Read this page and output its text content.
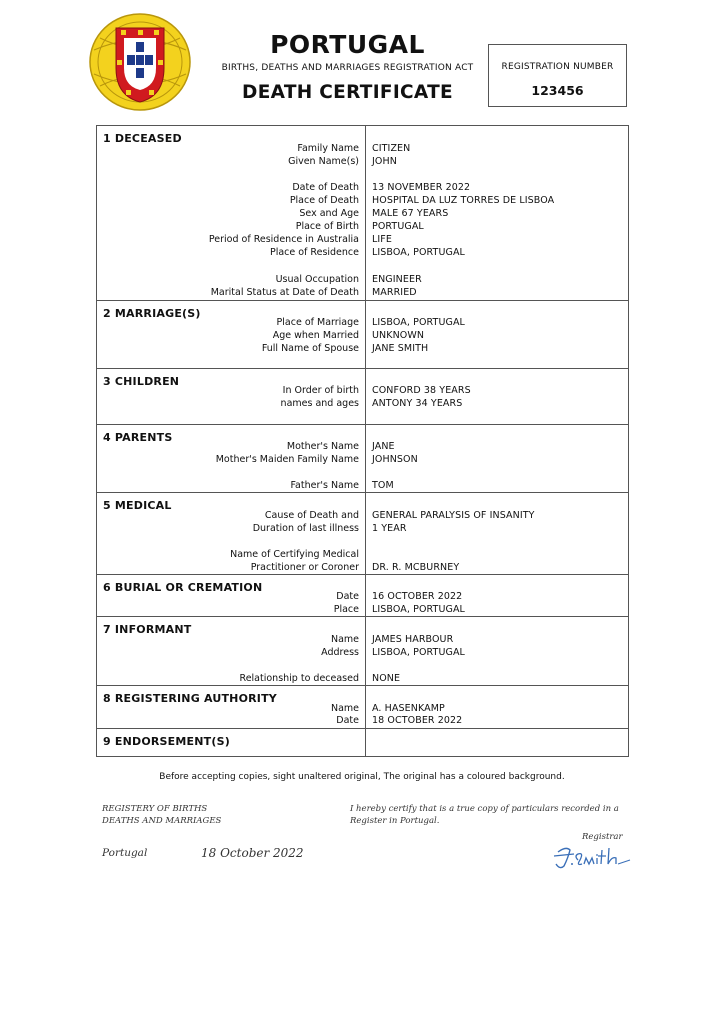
PORTUGAL
BIRTHS, DEATHS AND MARRIAGES REGISTRATION ACT
DEATH CERTIFICATE
REGISTRATION NUMBER
123456
1 DECEASED
Family Name CITIZEN
Given Name(s) JOHN
Date of Death 13 NOVEMBER 2022
Place of Death HOSPITAL DA LUZ TORRES DE LISBOA
Sex and Age MALE 67 YEARS
Place of Birth PORTUGAL
Period of Residence in Australia LIFE
Place of Residence LISBOA, PORTUGAL
Usual Occupation ENGINEER
Marital Status at Date of Death MARRIED
2 MARRIAGE(S)
Place of Marriage LISBOA, PORTUGAL
Age when Married UNKNOWN
Full Name of Spouse JANE SMITH
3 CHILDREN
In Order of birth CONFORD 38 YEARS
names and ages ANTONY 34 YEARS
4 PARENTS
Mother's Name JANE
Mother's Maiden Family Name JOHNSON
Father's Name TOM
5 MEDICAL
Cause of Death and GENERAL PARALYSIS OF INSANITY
Duration of last illness 1 YEAR
Name of Certifying Medical
Practitioner or Coroner DR. R. MCBURNEY
6 BURIAL OR CREMATION
Date 16 OCTOBER 2022
Place LISBOA, PORTUGAL
7 INFORMANT
Name JAMES HARBOUR
Address LISBOA, PORTUGAL
Relationship to deceased NONE
8 REGISTERING AUTHORITY
Name A. HASENKAMP
Date 18 OCTOBER 2022
9 ENDORSEMENT(S)
Before accepting copies, sight unaltered original, The original has a coloured background.
REGISTERY OF BIRTHS
DEATHS AND MARRIAGES
I hereby certify that is a true copy of particulars recorded in a
Register in Portugal.
Registrar
Portugal	18 October 2022
